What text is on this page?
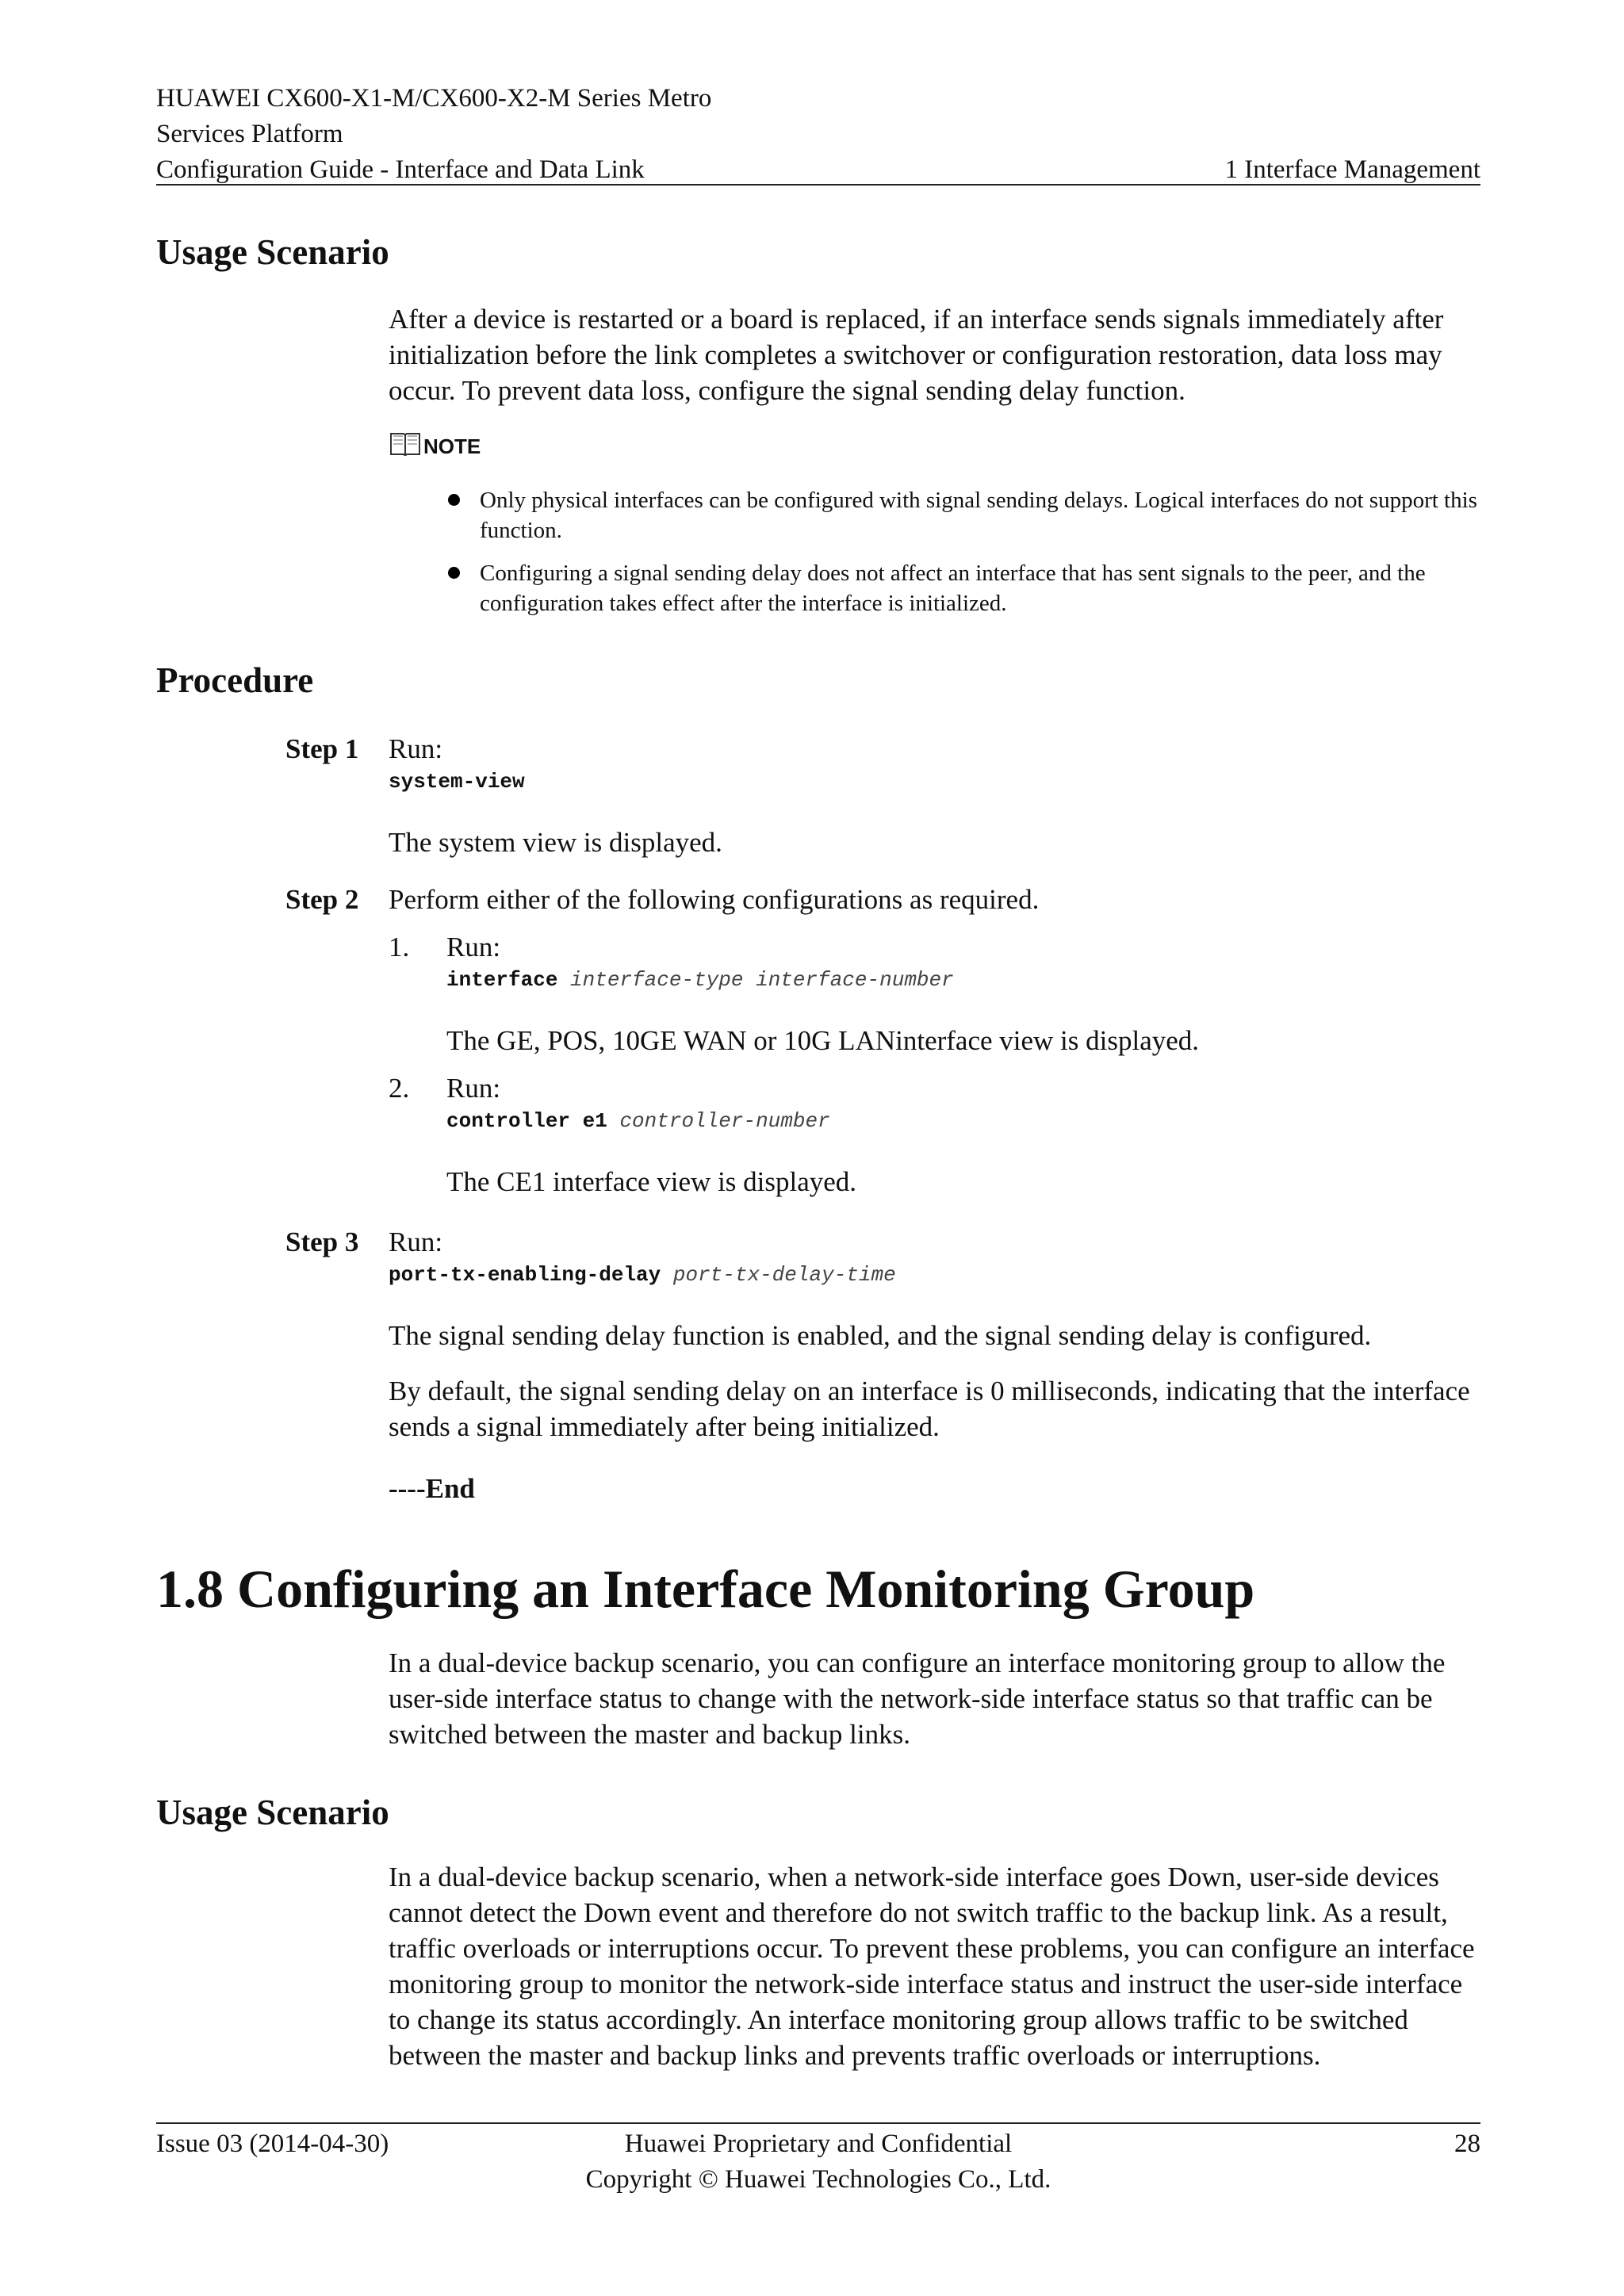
HUAWEI CX600-X1-M/CX600-X2-M Series Metro
Services Platform
Configuration Guide - Interface and Data Link	1 Interface Management
Usage Scenario

After a device is restarted or a board is replaced, if an interface sends signals immediately after initialization before the link completes a switchover or configuration restoration, data loss may occur. To prevent data loss, configure the signal sending delay function.

NOTE
Only physical interfaces can be configured with signal sending delays. Logical interfaces do not support this function.
Configuring a signal sending delay does not affect an interface that has sent signals to the peer, and the configuration takes effect after the interface is initialized.
Procedure
Step 1 Run:
system-view
The system view is displayed.
Step 2 Perform either of the following configurations as required.
1. Run:
interface interface-type interface-number
The GE, POS, 10GE WAN or 10G LANinterface view is displayed.
2. Run:
controller e1 controller-number
The CE1 interface view is displayed.
Step 3 Run:
port-tx-enabling-delay port-tx-delay-time
The signal sending delay function is enabled, and the signal sending delay is configured.
By default, the signal sending delay on an interface is 0 milliseconds, indicating that the interface sends a signal immediately after being initialized.
----End
1.8 Configuring an Interface Monitoring Group
In a dual-device backup scenario, you can configure an interface monitoring group to allow the user-side interface status to change with the network-side interface status so that traffic can be switched between the master and backup links.
Usage Scenario
In a dual-device backup scenario, when a network-side interface goes Down, user-side devices cannot detect the Down event and therefore do not switch traffic to the backup link. As a result, traffic overloads or interruptions occur. To prevent these problems, you can configure an interface monitoring group to monitor the network-side interface status and instruct the user-side interface to change its status accordingly. An interface monitoring group allows traffic to be switched between the master and backup links and prevents traffic overloads or interruptions.
Issue 03 (2014-04-30)	Huawei Proprietary and Confidential
Copyright © Huawei Technologies Co., Ltd.
28
